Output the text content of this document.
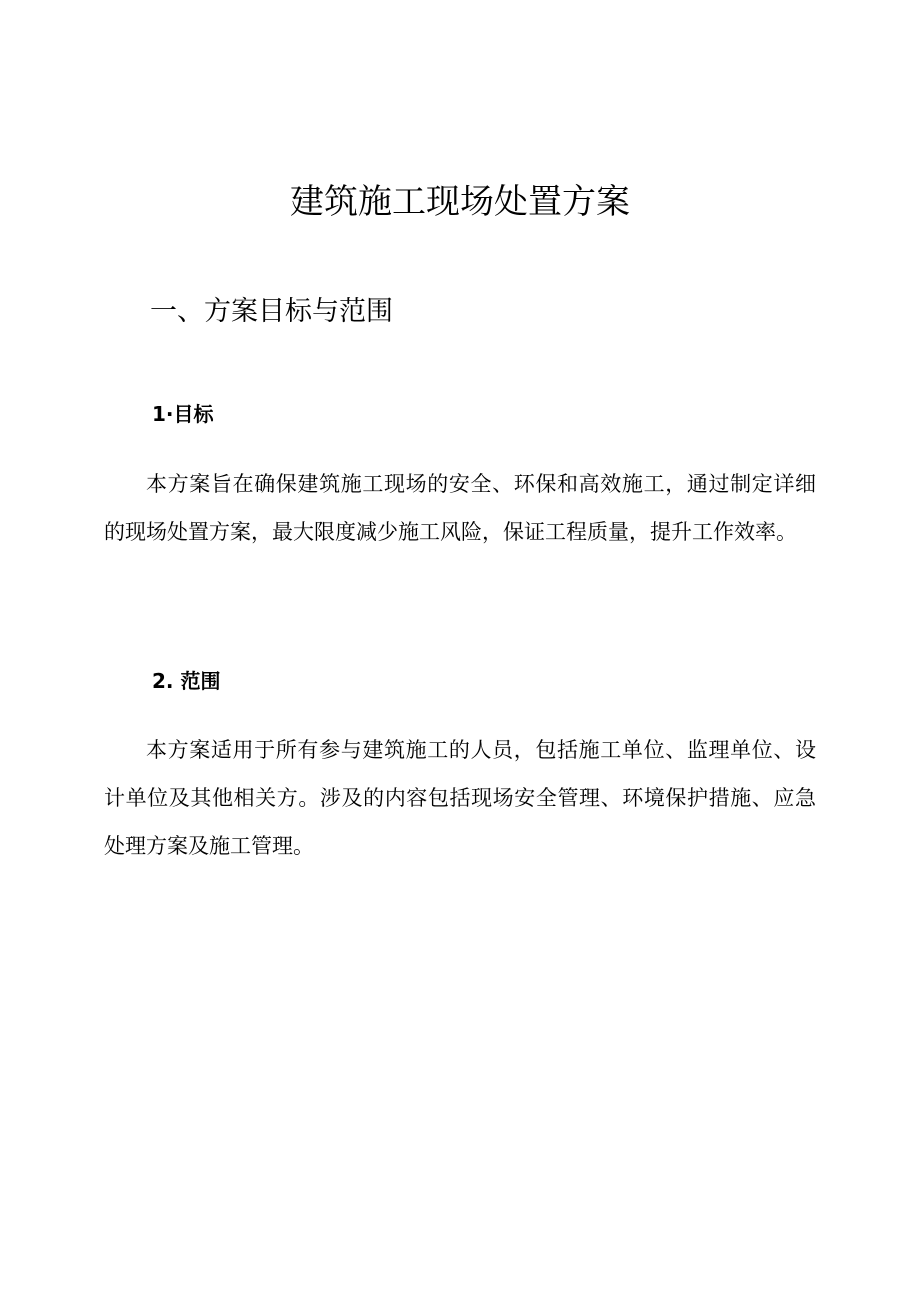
建筑施工现场处置方案
一、方案目标与范围
1·目标

本方案旨在确保建筑施工现场的安全、环保和高效施工，通过制定详细的现场处置方案，最大限度减少施工风险，保证工程质量，提升工作效率。

2. 范围

本方案适用于所有参与建筑施工的人员，包括施工单位、监理单位、设计单位及其他相关方。涉及的内容包括现场安全管理、环境保护措施、应急处理方案及施工管理。
